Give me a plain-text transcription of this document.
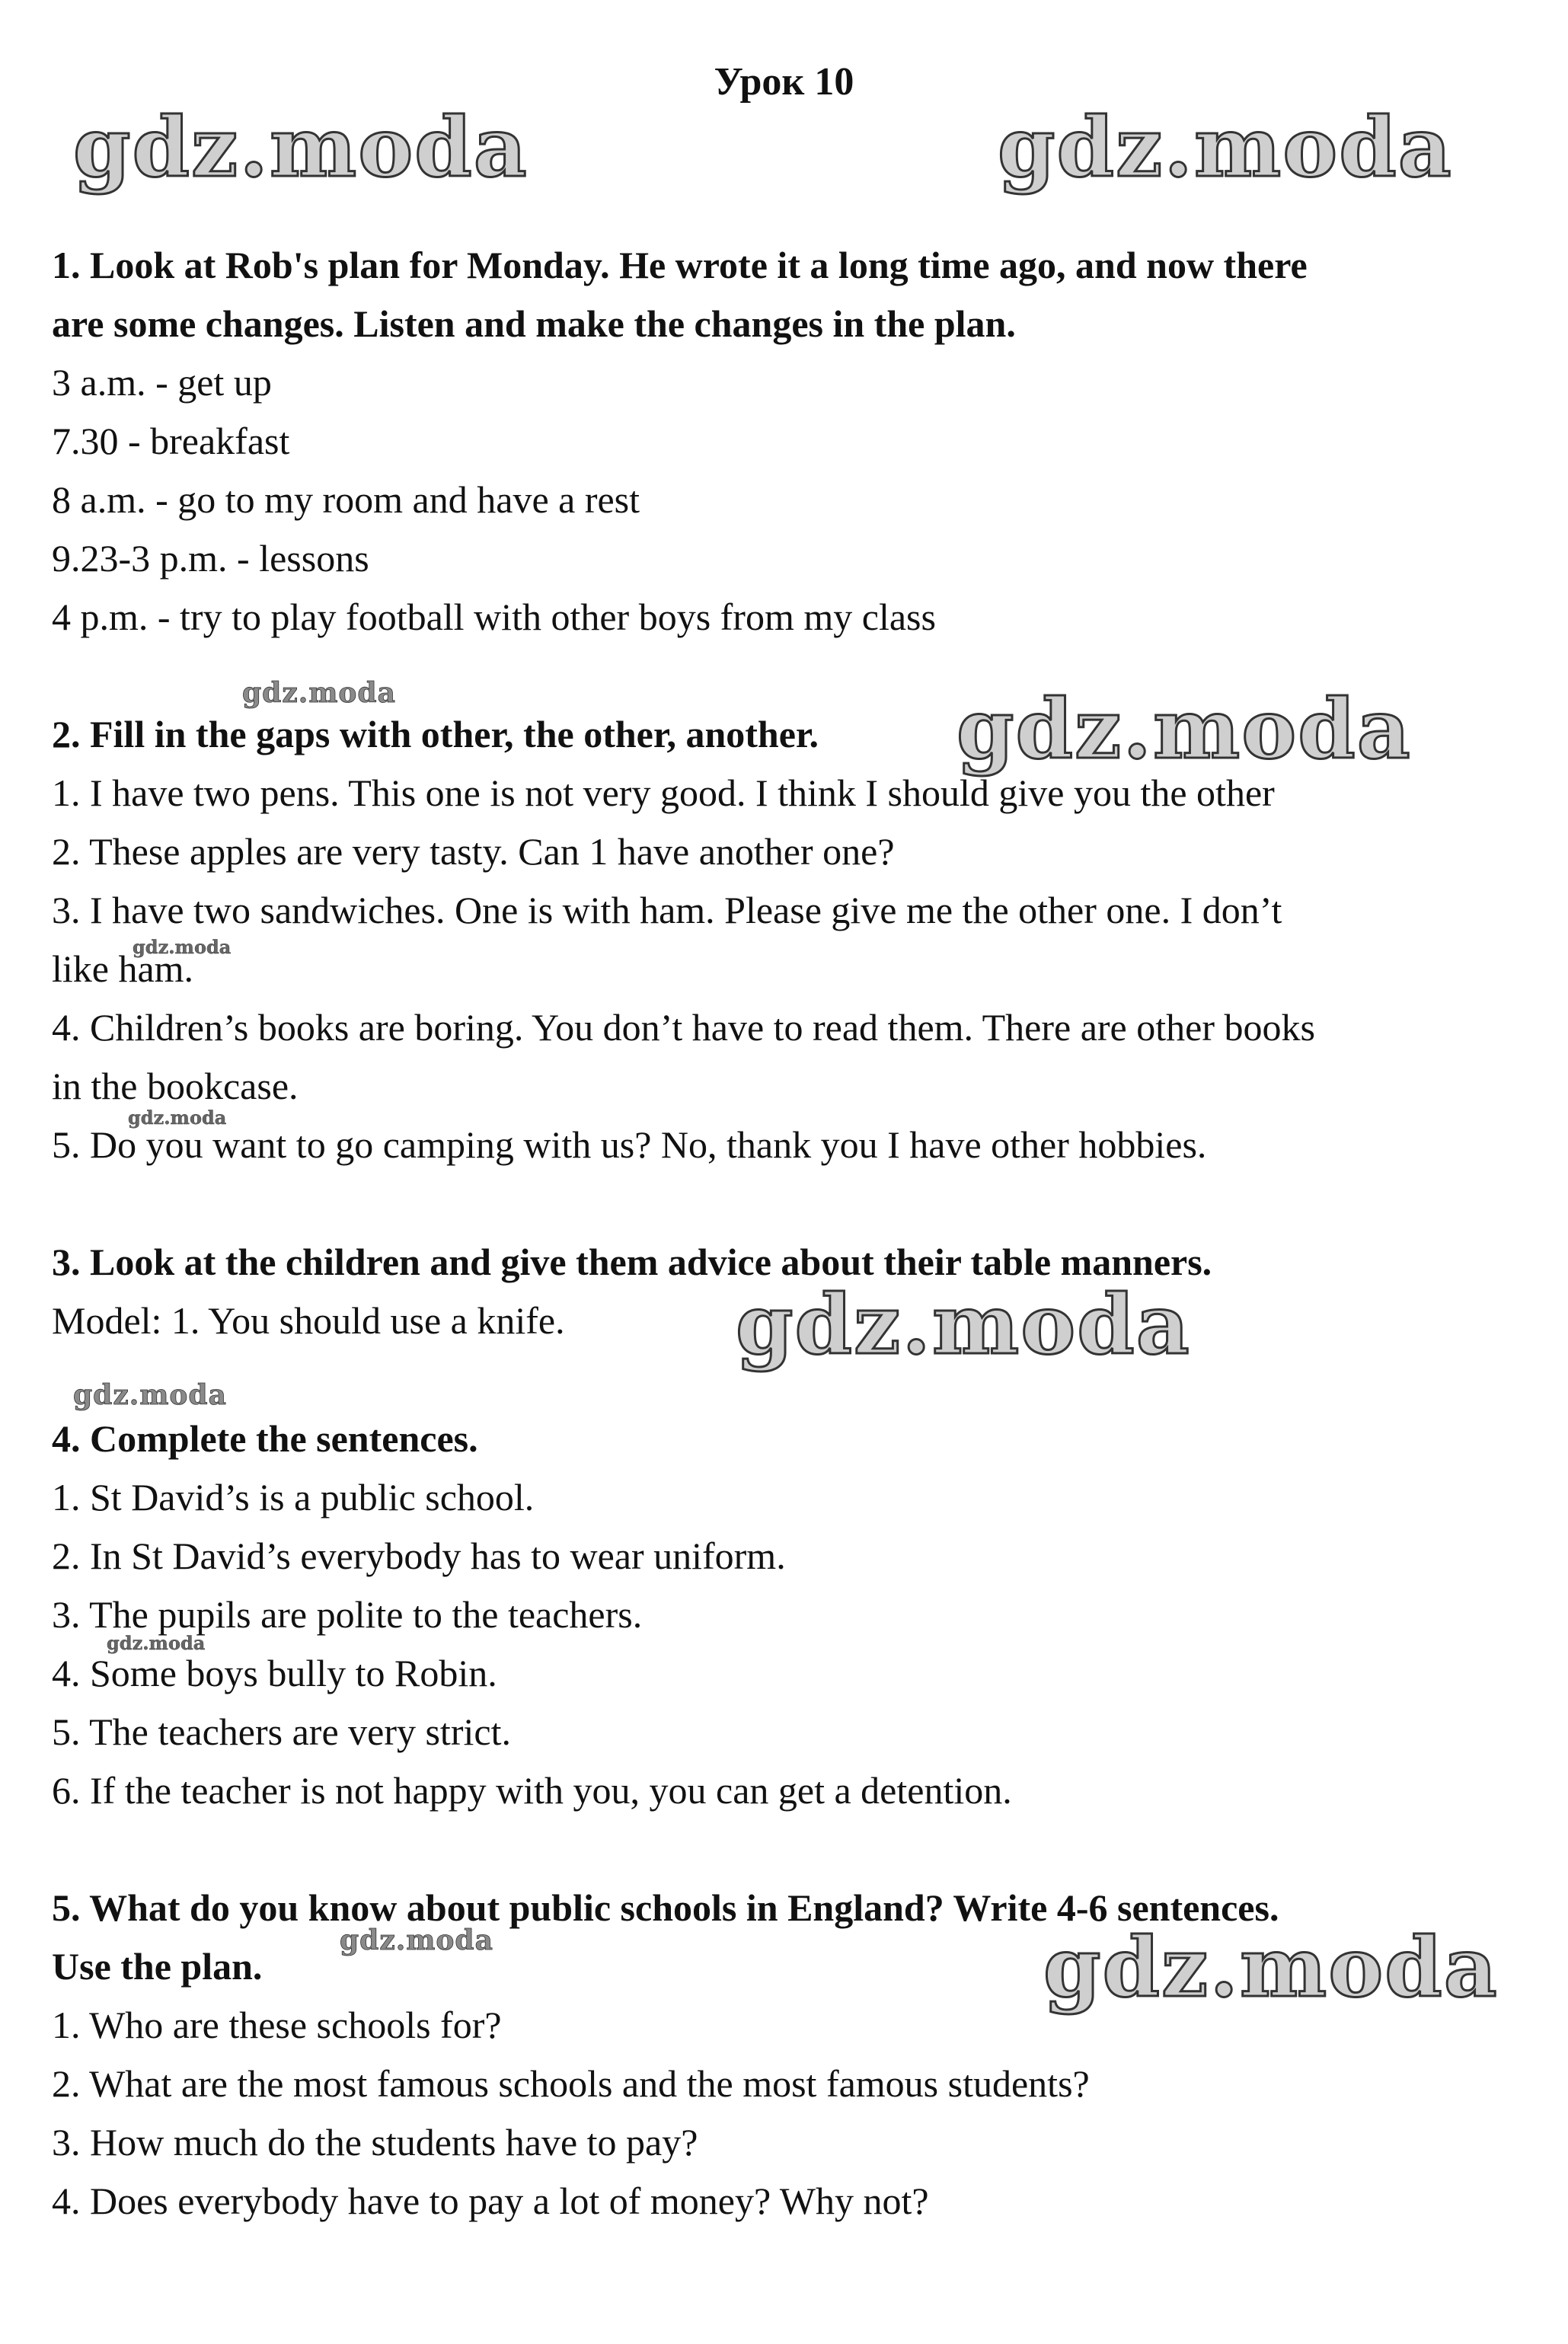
Урок 10
1. Look at Rob's plan for Monday. He wrote it a long time ago, and now there
are some changes. Listen and make the changes in the plan.
3 a.m. - get up
7.30 - breakfast
8 a.m. - go to my room and have a rest
9.23-3 p.m. - lessons
4 p.m. - try to play football with other boys from my class
2. Fill in the gaps with other, the other, another.
1. I have two pens. This one is not very good. I think I should give you the other
2. These apples are very tasty. Can 1 have another one?
3. I have two sandwiches. One is with ham. Please give me the other one. I don’t
like ham.
4. Children’s books are boring. You don’t have to read them. There are other books
in the bookcase.
5. Do you want to go camping with us? No, thank you I have other hobbies.
3. Look at the children and give them advice about their table manners.
Model: 1. You should use a knife.
4. Complete the sentences.
1. St David’s is a public school.
2. In St David’s everybody has to wear uniform.
3. The pupils are polite to the teachers.
4. Some boys bully to Robin.
5. The teachers are very strict.
6. If the teacher is not happy with you, you can get a detention.
5. What do you know about public schools in England? Write 4-6 sentences.
Use the plan.
1. Who are these schools for?
2. What are the most famous schools and the most famous students?
3. How much do the students have to pay?
4. Does everybody have to pay a lot of money? Why not?
gdz.moda	gdz.moda
gdz.moda	gdz.moda
gdz.moda
gdz.moda
gdz.moda
gdz.moda
gdz.moda
gdz.moda	gdz.moda
